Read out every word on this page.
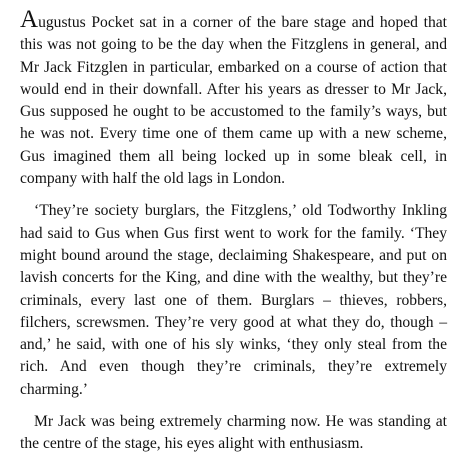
Augustus Pocket sat in a corner of the bare stage and hoped that this was not going to be the day when the Fitzglens in general, and Mr Jack Fitzglen in particular, embarked on a course of action that would end in their downfall. After his years as dresser to Mr Jack, Gus supposed he ought to be accustomed to the family’s ways, but he was not. Every time one of them came up with a new scheme, Gus imagined them all being locked up in some bleak cell, in company with half the old lags in London.

‘They’re society burglars, the Fitzglens,’ old Todworthy Inkling had said to Gus when Gus first went to work for the family. ‘They might bound around the stage, declaiming Shakespeare, and put on lavish concerts for the King, and dine with the wealthy, but they’re criminals, every last one of them. Burglars – thieves, robbers, filchers, screwsmen. They’re very good at what they do, though – and,’ he said, with one of his sly winks, ‘they only steal from the rich. And even though they’re criminals, they’re extremely charming.’

Mr Jack was being extremely charming now. He was standing at the centre of the stage, his eyes alight with enthusiasm.
